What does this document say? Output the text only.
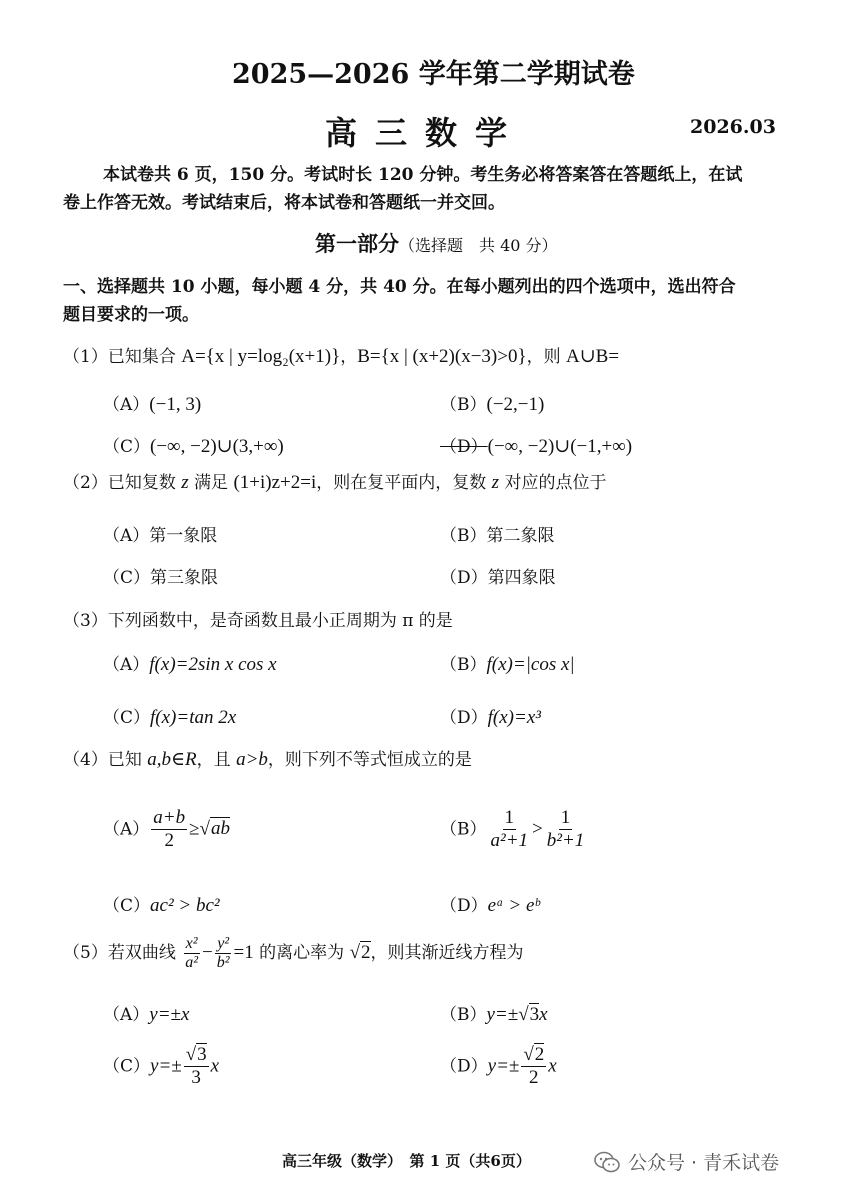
2025—2026 学年第二学期试卷
高三数学	2026.03
本试卷共 6 页，150 分。考试时长 120 分钟。考生务必将答案答在答题纸上，在试
卷上作答无效。考试结束后，将本试卷和答题纸一并交回。
第一部分（选择题　共 40 分）
一、选择题共 10 小题，每小题 4 分，共 40 分。在每小题列出的四个选项中，选出符合
题目要求的一项。
（1）已知集合 A={x | y=log₂(x+1)}，B={x | (x+2)(x−3)>0}，则 A∪B=
（A）(−1, 3)	（B）(−2,−1)
（C）(−∞, −2)∪(3,+∞)	（D）(−∞, −2)∪(−1,+∞)
（2）已知复数 z 满足 (1+i)z+2=i，则在复平面内，复数 z 对应的点位于
（A）第一象限	（B）第二象限
（C）第三象限	（D）第四象限
（3）下列函数中，是奇函数且最小正周期为 π 的是
（A）f(x)=2sin x cos x	（B）f(x)=|cos x|
（C）f(x)=tan 2x	（D）f(x)=x³
（4）已知 a,b∈R，且 a>b，则下列不等式恒成立的是
$(A) \frac{a+b}{2} \ge√ab$	$(B) \frac{1}{\text{a²+1}} > \frac{1}{\text{b²+1}}$
（C）ac² > bc²	（D）eᵃ > eᵇ
（5）若双曲线 $\frac{\text{x²}}{\text{a²}} - \frac{\text{y²}}{\text{b²}} =1$ 的离心率为 √2，则其渐近线方程为
（A）y=±x	（B）y=±√3x
$(C)y=\pm \frac{√3}{3}$ x	$(D)y=\pm \frac{√2}{2}$ x
高三年级（数学）　第 1 页（共6页）	公众号 · 青禾试卷
